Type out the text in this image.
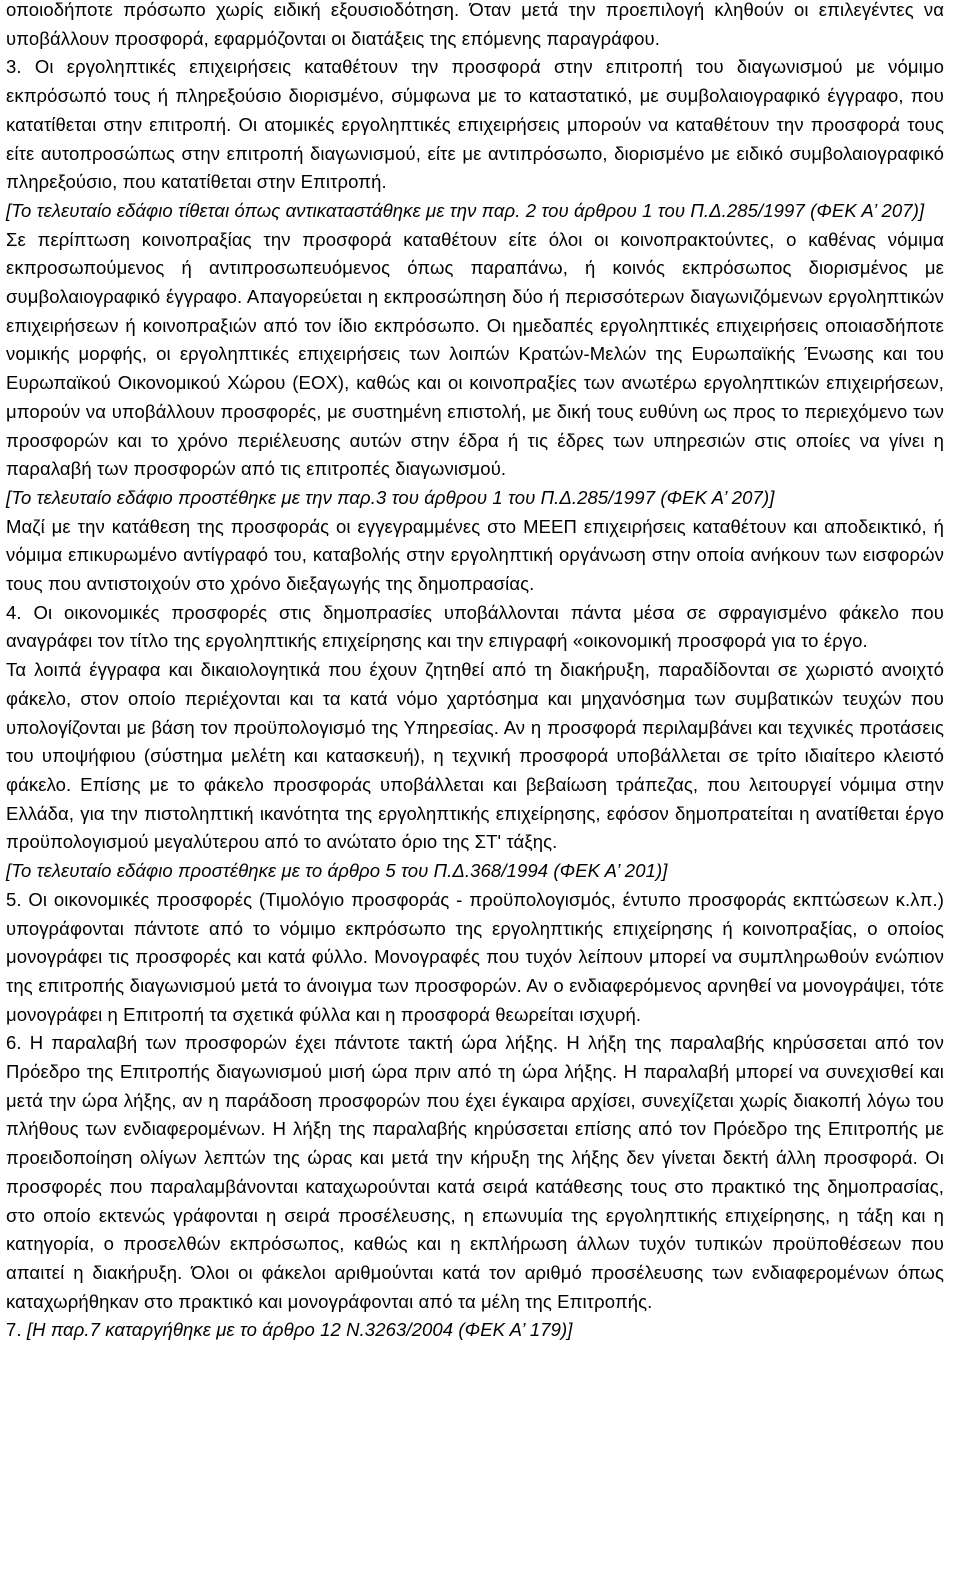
οποιοδήποτε πρόσωπο χωρίς ειδική εξουσιοδότηση. Όταν μετά την προεπιλογή κληθούν οι επιλεγέντες να υποβάλλουν προσφορά, εφαρμόζονται οι διατάξεις της επόμενης παραγράφου.

3. Οι εργοληπτικές επιχειρήσεις καταθέτουν την προσφορά στην επιτροπή του διαγωνισμού με νόμιμο εκπρόσωπό τους ή πληρεξούσιο διορισμένο, σύμφωνα με το καταστατικό, με συμβολαιογραφικό έγγραφο, που κατατίθεται στην επιτροπή. Οι ατομικές εργοληπτικές επιχειρήσεις μπορούν να καταθέτουν την προσφορά τους είτε αυτοπροσώπως στην επιτροπή διαγωνισμού, είτε με αντιπρόσωπο, διορισμένο με ειδικό συμβολαιογραφικό πληρεξούσιο, που κατατίθεται στην Επιτροπή.

[Το τελευταίο εδάφιο τίθεται όπως αντικαταστάθηκε με την παρ. 2 του άρθρου 1 του Π.Δ.285/1997 (ΦΕΚ Α’ 207)]

Σε περίπτωση κοινοπραξίας την προσφορά καταθέτουν είτε όλοι οι κοινοπρακτούντες, ο καθένας νόμιμα εκπροσωπούμενος ή αντιπροσωπευόμενος όπως παραπάνω, ή κοινός εκπρόσωπος διορισμένος με συμβολαιογραφικό έγγραφο. Απαγορεύεται η εκπροσώπηση δύο ή περισσότερων διαγωνιζόμενων εργοληπτικών επιχειρήσεων ή κοινοπραξιών από τον ίδιο εκπρόσωπο. Οι ημεδαπές εργοληπτικές επιχειρήσεις οποιασδήποτε νομικής μορφής, οι εργοληπτικές επιχειρήσεις των λοιπών Κρατών-Μελών της Ευρωπαϊκής Ένωσης και του Ευρωπαϊκού Οικονομικού Χώρου (ΕΟΧ), καθώς και οι κοινοπραξίες των ανωτέρω εργοληπτικών επιχειρήσεων, μπορούν να υποβάλλουν προσφορές, με συστημένη επιστολή, με δική τους ευθύνη ως προς το περιεχόμενο των προσφορών και το χρόνο περιέλευσης αυτών στην έδρα ή τις έδρες των υπηρεσιών στις οποίες να γίνει η παραλαβή των προσφορών από τις επιτροπές διαγωνισμού.

[Το τελευταίο εδάφιο προστέθηκε με την παρ.3 του άρθρου 1 του Π.Δ.285/1997 (ΦΕΚ Α’ 207)]

Μαζί με την κατάθεση της προσφοράς οι εγγεγραμμένες στο ΜΕΕΠ επιχειρήσεις καταθέτουν και αποδεικτικό, ή νόμιμα επικυρωμένο αντίγραφό του, καταβολής στην εργοληπτική οργάνωση στην οποία ανήκουν των εισφορών τους που αντιστοιχούν στο χρόνο διεξαγωγής της δημοπρασίας.

4. Οι οικονομικές προσφορές στις δημοπρασίες υποβάλλονται πάντα μέσα σε σφραγισμένο φάκελο που αναγράφει τον τίτλο της εργοληπτικής επιχείρησης και την επιγραφή «οικονομική προσφορά για το έργο.

Τα λοιπά έγγραφα και δικαιολογητικά που έχουν ζητηθεί από τη διακήρυξη, παραδίδονται σε χωριστό ανοιχτό φάκελο, στον οποίο περιέχονται και τα κατά νόμο χαρτόσημα και μηχανόσημα των συμβατικών τευχών που υπολογίζονται με βάση τον προϋπολογισμό της Υπηρεσίας. Αν η προσφορά περιλαμβάνει και τεχνικές προτάσεις του υποψήφιου (σύστημα μελέτη και κατασκευή), η τεχνική προσφορά υποβάλλεται σε τρίτο ιδιαίτερο κλειστό φάκελο. Επίσης με το φάκελο προσφοράς υποβάλλεται και βεβαίωση τράπεζας, που λειτουργεί νόμιμα στην Ελλάδα, για την πιστοληπτική ικανότητα της εργοληπτικής επιχείρησης, εφόσον δημοπρατείται η ανατίθεται έργο προϋπολογισμού μεγαλύτερου από το ανώτατο όριο της ΣΤ' τάξης.

[Το τελευταίο εδάφιο προστέθηκε με το άρθρο 5 του Π.Δ.368/1994 (ΦΕΚ Α’ 201)]

5. Οι οικονομικές προσφορές (Τιμολόγιο προσφοράς - προϋπολογισμός, έντυπο προσφοράς εκπτώσεων κ.λπ.) υπογράφονται πάντοτε από το νόμιμο εκπρόσωπο της εργοληπτικής επιχείρησης ή κοινοπραξίας, ο οποίος μονογράφει τις προσφορές και κατά φύλλο. Μονογραφές που τυχόν λείπουν μπορεί να συμπληρωθούν ενώπιον της επιτροπής διαγωνισμού μετά το άνοιγμα των προσφορών. Αν ο ενδιαφερόμενος αρνηθεί να μονογράψει, τότε μονογράφει η Επιτροπή τα σχετικά φύλλα και η προσφορά θεωρείται ισχυρή.

6. Η παραλαβή των προσφορών έχει πάντοτε τακτή ώρα λήξης. Η λήξη της παραλαβής κηρύσσεται από τον Πρόεδρο της Επιτροπής διαγωνισμού μισή ώρα πριν από τη ώρα λήξης. Η παραλαβή μπορεί να συνεχισθεί και μετά την ώρα λήξης, αν η παράδοση προσφορών που έχει έγκαιρα αρχίσει, συνεχίζεται χωρίς διακοπή λόγω του πλήθους των ενδιαφερομένων. Η λήξη της παραλαβής κηρύσσεται επίσης από τον Πρόεδρο της Επιτροπής με προειδοποίηση ολίγων λεπτών της ώρας και μετά την κήρυξη της λήξης δεν γίνεται δεκτή άλλη προσφορά. Οι προσφορές που παραλαμβάνονται καταχωρούνται κατά σειρά κατάθεσης τους στο πρακτικό της δημοπρασίας, στο οποίο εκτενώς γράφονται η σειρά προσέλευσης, η επωνυμία της εργοληπτικής επιχείρησης, η τάξη και η κατηγορία, ο προσελθών εκπρόσωπος, καθώς και η εκπλήρωση άλλων τυχόν τυπικών προϋποθέσεων που απαιτεί η διακήρυξη. Όλοι οι φάκελοι αριθμούνται κατά τον αριθμό προσέλευσης των ενδιαφερομένων όπως καταχωρήθηκαν στο πρακτικό και μονογράφονται από τα μέλη της Επιτροπής.

7. [Η παρ.7 καταργήθηκε με το άρθρο 12 Ν.3263/2004 (ΦΕΚ Α’ 179)]
